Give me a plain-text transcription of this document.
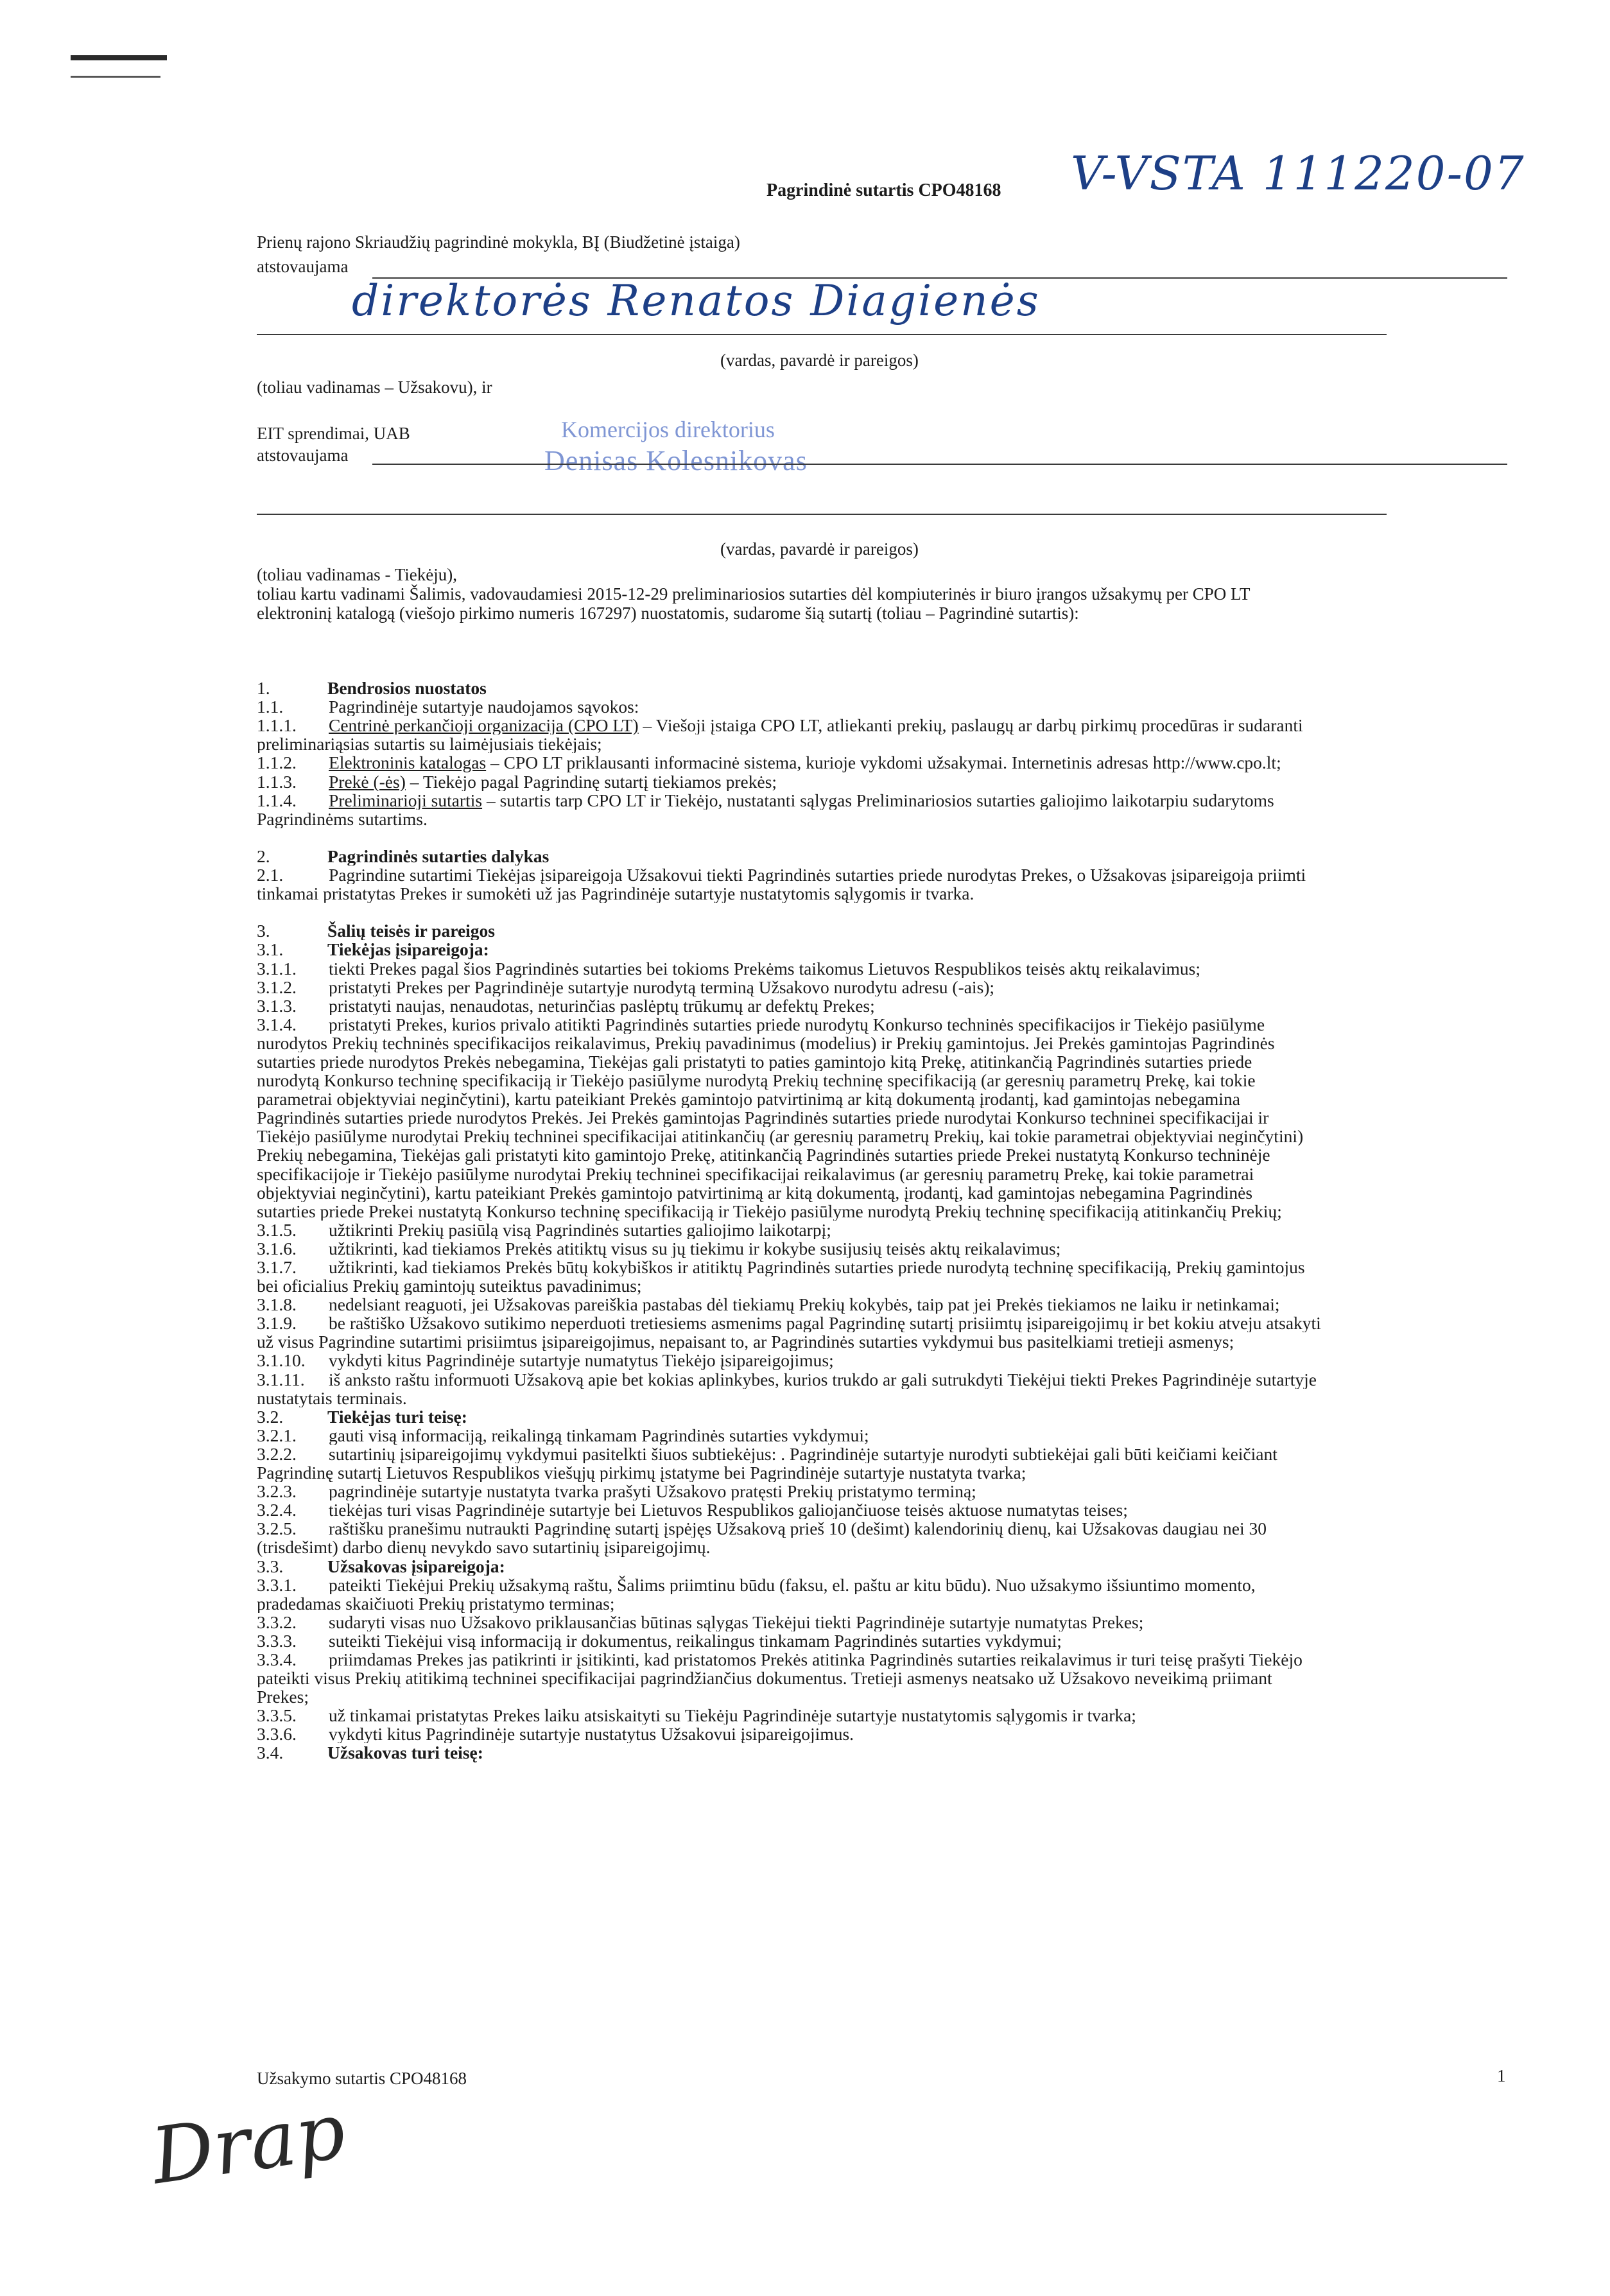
Pagrindinė sutartis CPO48168 V-VSTA 111220-07
Prienų rajono Skriaudžių pagrindinė mokykla, BĮ (Biudžetinė įstaiga)
atstovaujama
direktorės Renatos Diagienės
(vardas, pavardė ir pareigos)
(toliau vadinamas – Užsakovu), ir
EIT sprendimai, UAB	Komercijos direktorius
atstovaujama	Denisas Kolesnikovas
(vardas, pavardė ir pareigos)
(toliau vadinamas - Tiekėju),
toliau kartu vadinami Šalimis, vadovaudamiesi 2015-12-29 preliminariosios sutarties dėl kompiuterinės ir biuro įrangos užsakymų per CPO LT
elektroninį katalogą (viešojo pirkimo numeris 167297) nuostatomis, sudarome šią sutartį (toliau – Pagrindinė sutartis):
1.	Bendrosios nuostatos
1.1.	Pagrindinėje sutartyje naudojamos sąvokos:
1.1.1. Centrinė perkančioji organizacija (CPO LT) – Viešoji įstaiga CPO LT, atliekanti prekių, paslaugų ar darbų pirkimų procedūras ir sudaranti
preliminariąsias sutartis su laimėjusiais tiekėjais;
1.1.2. Elektroninis katalogas – CPO LT priklausanti informacinė sistema, kurioje vykdomi užsakymai. Internetinis adresas http://www.cpo.lt;
1.1.3. Prekė (-ės) – Tiekėjo pagal Pagrindinę sutartį tiekiamos prekės;
1.1.4. Preliminarioji sutartis – sutartis tarp CPO LT ir Tiekėjo, nustatanti sąlygas Preliminariosios sutarties galiojimo laikotarpiu sudarytoms
Pagrindinėms sutartims.
2.	Pagrindinės sutarties dalykas
2.1.	Pagrindine sutartimi Tiekėjas įsipareigoja Užsakovui tiekti Pagrindinės sutarties priede nurodytas Prekes, o Užsakovas įsipareigoja priimti
tinkamai pristatytas Prekes ir sumokėti už jas Pagrindinėje sutartyje nustatytomis sąlygomis ir tvarka.
3.	Šalių teisės ir pareigos
3.1.	Tiekėjas įsipareigoja:
3.1.1. tiekti Prekes pagal šios Pagrindinės sutarties bei tokioms Prekėms taikomus Lietuvos Respublikos teisės aktų reikalavimus;
3.1.2. pristatyti Prekes per Pagrindinėje sutartyje nurodytą terminą Užsakovo nurodytu adresu (-ais);
3.1.3. pristatyti naujas, nenaudotas, neturinčias paslėptų trūkumų ar defektų Prekes;
3.1.4. pristatyti Prekes, kurios privalo atitikti Pagrindinės sutarties priede nurodytų Konkurso techninės specifikacijos ir Tiekėjo pasiūlyme
nurodytos Prekių techninės specifikacijos reikalavimus, Prekių pavadinimus (modelius) ir Prekių gamintojus. Jei Prekės gamintojas Pagrindinės
sutarties priede nurodytos Prekės nebegamina, Tiekėjas gali pristatyti to paties gamintojo kitą Prekę, atitinkančią Pagrindinės sutarties priede
nurodytą Konkurso techninę specifikaciją ir Tiekėjo pasiūlyme nurodytą Prekių techninę specifikaciją (ar geresnių parametrų Prekę, kai tokie
parametrai objektyviai neginčytini), kartu pateikiant Prekės gamintojo patvirtinimą ar kitą dokumentą įrodantį, kad gamintojas nebegamina
Pagrindinės sutarties priede nurodytos Prekės. Jei Prekės gamintojas Pagrindinės sutarties priede nurodytai Konkurso techninei specifikacijai ir
Tiekėjo pasiūlyme nurodytai Prekių techninei specifikacijai atitinkančių (ar geresnių parametrų Prekių, kai tokie parametrai objektyviai neginčytini)
Prekių nebegamina, Tiekėjas gali pristatyti kito gamintojo Prekę, atitinkančią Pagrindinės sutarties priede Prekei nustatytą Konkurso techninėje
specifikacijoje ir Tiekėjo pasiūlyme nurodytai Prekių techninei specifikacijai reikalavimus (ar geresnių parametrų Prekę, kai tokie parametrai
objektyviai neginčytini), kartu pateikiant Prekės gamintojo patvirtinimą ar kitą dokumentą, įrodantį, kad gamintojas nebegamina Pagrindinės
sutarties priede Prekei nustatytą Konkurso techninę specifikaciją ir Tiekėjo pasiūlyme nurodytą Prekių techninę specifikaciją atitinkančių Prekių;
3.1.5. užtikrinti Prekių pasiūlą visą Pagrindinės sutarties galiojimo laikotarpį;
3.1.6. užtikrinti, kad tiekiamos Prekės atitiktų visus su jų tiekimu ir kokybe susijusių teisės aktų reikalavimus;
3.1.7. užtikrinti, kad tiekiamos Prekės būtų kokybiškos ir atitiktų Pagrindinės sutarties priede nurodytą techninę specifikaciją, Prekių gamintojus
bei oficialius Prekių gamintojų suteiktus pavadinimus;
3.1.8. nedelsiant reaguoti, jei Užsakovas pareiškia pastabas dėl tiekiamų Prekių kokybės, taip pat jei Prekės tiekiamos ne laiku ir netinkamai;
3.1.9. be raštiško Užsakovo sutikimo neperduoti tretiesiems asmenims pagal Pagrindinę sutartį prisiimtų įsipareigojimų ir bet kokiu atveju atsakyti
už visus Pagrindine sutartimi prisiimtus įsipareigojimus, nepaisant to, ar Pagrindinės sutarties vykdymui bus pasitelkiami tretieji asmenys;
3.1.10. vykdyti kitus Pagrindinėje sutartyje numatytus Tiekėjo įsipareigojimus;
3.1.11. iš anksto raštu informuoti Užsakovą apie bet kokias aplinkybes, kurios trukdo ar gali sutrukdyti Tiekėjui tiekti Prekes Pagrindinėje sutartyje
nustatytais terminais.
3.2.	Tiekėjas turi teisę:
3.2.1. gauti visą informaciją, reikalingą tinkamam Pagrindinės sutarties vykdymui;
3.2.2. sutartinių įsipareigojimų vykdymui pasitelkti šiuos subtiekėjus: . Pagrindinėje sutartyje nurodyti subtiekėjai gali būti keičiami keičiant
Pagrindinę sutartį Lietuvos Respublikos viešųjų pirkimų įstatyme bei Pagrindinėje sutartyje nustatyta tvarka;
3.2.3. pagrindinėje sutartyje nustatyta tvarka prašyti Užsakovo pratęsti Prekių pristatymo terminą;
3.2.4. tiekėjas turi visas Pagrindinėje sutartyje bei Lietuvos Respublikos galiojančiuose teisės aktuose numatytas teises;
3.2.5. raštišku pranešimu nutraukti Pagrindinę sutartį įspėjęs Užsakovą prieš 10 (dešimt) kalendorinių dienų, kai Užsakovas daugiau nei 30
(trisdešimt) darbo dienų nevykdo savo sutartinių įsipareigojimų.
3.3.	Užsakovas įsipareigoja:
3.3.1. pateikti Tiekėjui Prekių užsakymą raštu, Šalims priimtinu būdu (faksu, el. paštu ar kitu būdu). Nuo užsakymo išsiuntimo momento,
pradedamas skaičiuoti Prekių pristatymo terminas;
3.3.2. sudaryti visas nuo Užsakovo priklausančias būtinas sąlygas Tiekėjui tiekti Pagrindinėje sutartyje numatytas Prekes;
3.3.3. suteikti Tiekėjui visą informaciją ir dokumentus, reikalingus tinkamam Pagrindinės sutarties vykdymui;
3.3.4. priimdamas Prekes jas patikrinti ir įsitikinti, kad pristatomos Prekės atitinka Pagrindinės sutarties reikalavimus ir turi teisę prašyti Tiekėjo
pateikti visus Prekių atitikimą techninei specifikacijai pagrindžiančius dokumentus. Tretieji asmenys neatsako už Užsakovo neveikimą priimant
Prekes;
3.3.5. už tinkamai pristatytas Prekes laiku atsiskaityti su Tiekėju Pagrindinėje sutartyje nustatytomis sąlygomis ir tvarka;
3.3.6. vykdyti kitus Pagrindinėje sutartyje nustatytus Užsakovui įsipareigojimus.
3.4.	Užsakovas turi teisę:
Užsakymo sutartis CPO48168	1
Drap
